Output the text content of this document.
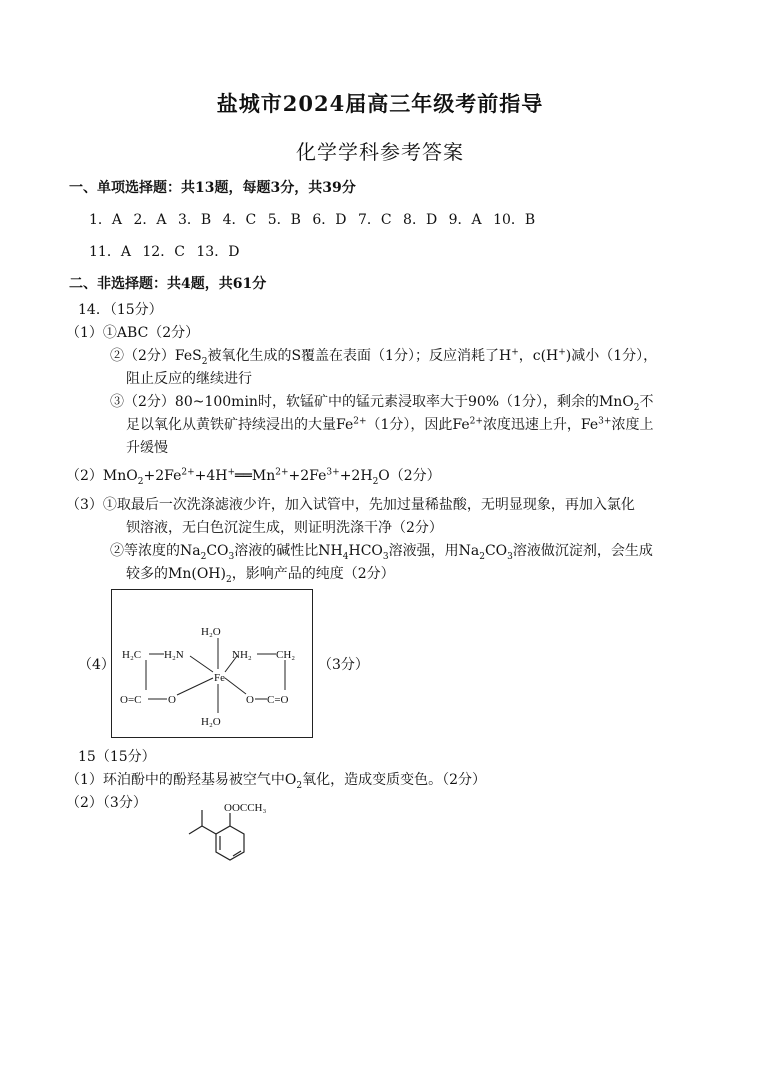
盐城市2024届高三年级考前指导
化学学科参考答案
一、单项选择题：共13题，每题3分，共39分
1．A 2．A 3．B 4．C 5．B 6．D 7．C 8．D 9．A 10．B
11．A 12．C 13．D
二、非选择题：共4题，共61分
14．（15分）
（1）①ABC（2分）
②（2分）FeS$_2$被氧化生成的S覆盖在表面（1分）；反应消耗了H+，c(H+)减小（1分），
阻止反应的继续进行
③（2分）80~100min时，软锰矿中的锰元素浸取率大于90%（1分），剩余的MnO$_2$不
足以氧化从黄铁矿持续浸出的大量$Fe^{2+}(1$分），因此$Fe^{2+}$浓度迅速上升，$Fe^{3+}$浓度上
升缓慢
$(2)MnO_2+2Fe^{2+}+4H^+══Mn^{2+}+2Fe^{3+}+2H_2O(2$分）
（3）①取最后一次洗涤滤液少许，加入试管中，先加过量稀盐酸，无明显现象，再加入氯化
钡溶液，无白色沉淀生成，则证明洗涤干净（2分）
②等浓度的$Na_2CO_3$溶液的碱性比$NH_4HCO_3$溶液强，用$Na_2CO_3$溶液做沉淀剂，会生成
较多的$Mn(OH)_2$，影响产品的纯度（2分）
（4）
H₂O
Fe
H₂O
H₂C H₂N	NH₂ CH₂
O=C O	O C=O
（3分）
15（15分）
（1）环泊酚中的酚羟基易被空气中$O_2$氧化，造成变质变色。（2分）
（2）（3分）	OOCCH₃
